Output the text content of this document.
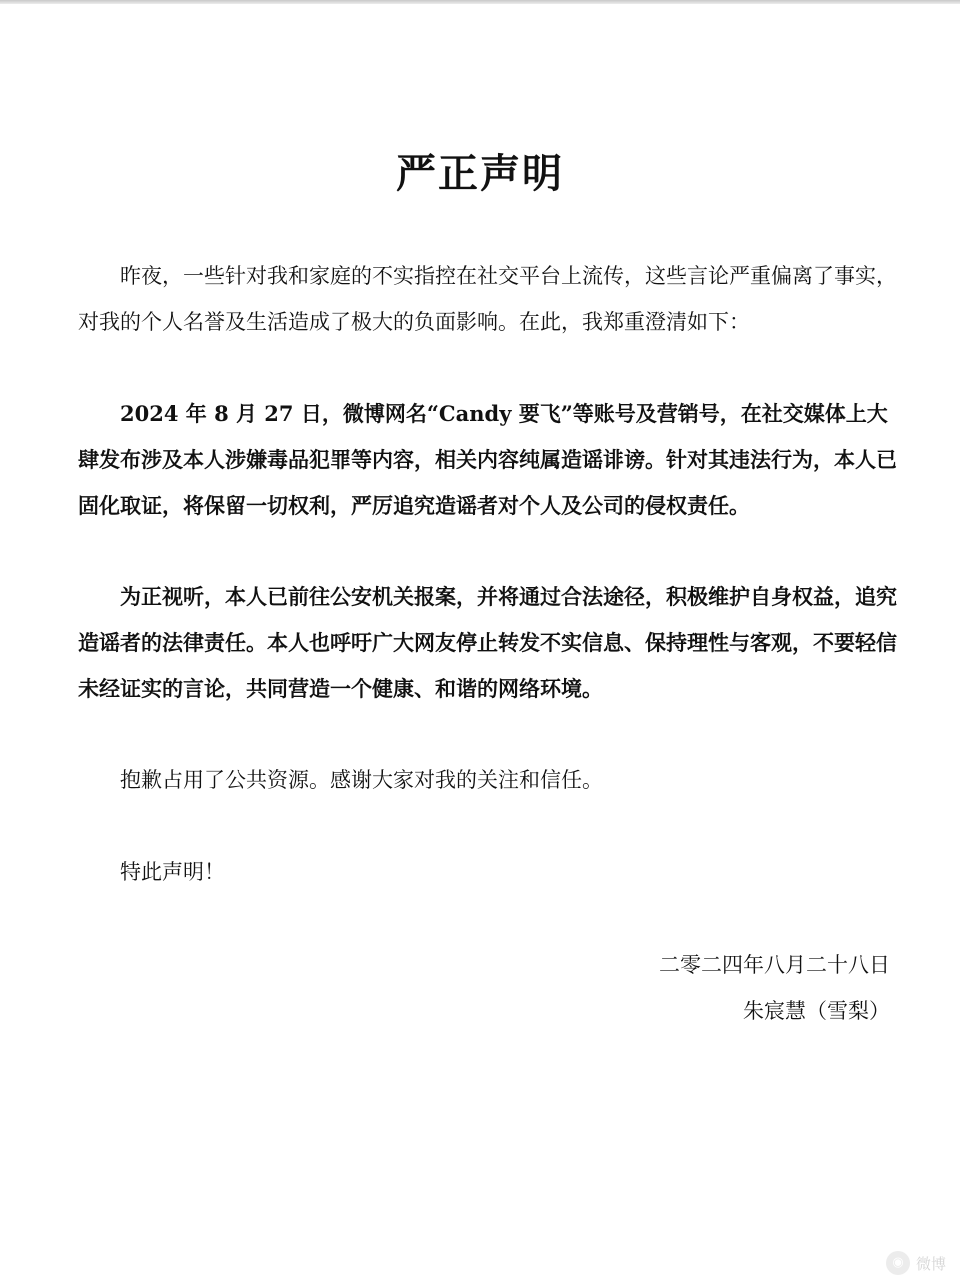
严正声明

昨夜，一些针对我和家庭的不实指控在社交平台上流传，这些言论严重偏离了事实，对我的个人名誉及生活造成了极大的负面影响。在此，我郑重澄清如下：

2024 年 8 月 27 日，微博网名“Candy 要飞”等账号及营销号，在社交媒体上大肆发布涉及本人涉嫌毒品犯罪等内容，相关内容纯属造谣诽谤。针对其违法行为，本人已固化取证，将保留一切权利，严厉追究造谣者对个人及公司的侵权责任。

为正视听，本人已前往公安机关报案，并将通过合法途径，积极维护自身权益，追究造谣者的法律责任。本人也呼吁广大网友停止转发不实信息、保持理性与客观，不要轻信未经证实的言论，共同营造一个健康、和谐的网络环境。

抱歉占用了公共资源。感谢大家对我的关注和信任。

特此声明！

二零二四年八月二十八日
朱宸慧（雪梨）
◉ 微博
